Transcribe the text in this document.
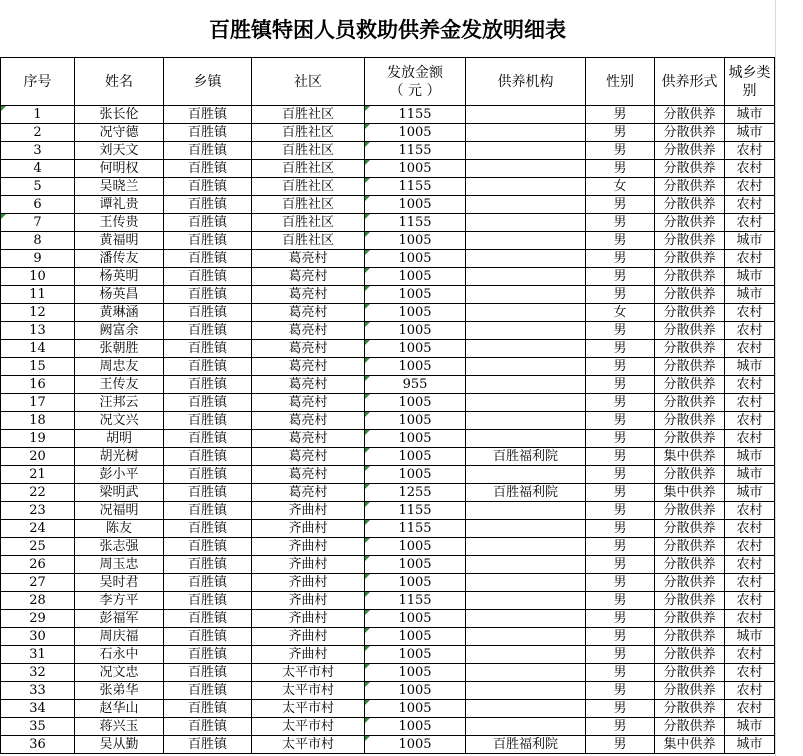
百胜镇特困人员救助供养金发放明细表
序号	姓名	乡镇	社区	发放金额
（ 元 ）	供养机构	性别	供养形式	城乡类别
1	张长伦	百胜镇	百胜社区	1155		男	分散供养	城市
2	况守德	百胜镇	百胜社区	1005		男	分散供养	城市
3	刘天文	百胜镇	百胜社区	1155		男	分散供养	农村
4	何明权	百胜镇	百胜社区	1005		男	分散供养	农村
5	吴晓兰	百胜镇	百胜社区	1155		女	分散供养	农村
6	谭礼贵	百胜镇	百胜社区	1005		男	分散供养	农村
7	王传贵	百胜镇	百胜社区	1155		男	分散供养	农村
8	黄福明	百胜镇	百胜社区	1005		男	分散供养	城市
9	潘传友	百胜镇	葛亮村	1005		男	分散供养	农村
10	杨英明	百胜镇	葛亮村	1005		男	分散供养	城市
11	杨英昌	百胜镇	葛亮村	1005		男	分散供养	城市
12	黄琳涵	百胜镇	葛亮村	1005		女	分散供养	农村
13	阙富余	百胜镇	葛亮村	1005		男	分散供养	农村
14	张朝胜	百胜镇	葛亮村	1005		男	分散供养	农村
15	周忠友	百胜镇	葛亮村	1005		男	分散供养	城市
16	王传友	百胜镇	葛亮村	955		男	分散供养	农村
17	汪邦云	百胜镇	葛亮村	1005		男	分散供养	农村
18	况文兴	百胜镇	葛亮村	1005		男	分散供养	农村
19	胡明	百胜镇	葛亮村	1005		男	分散供养	农村
20	胡光树	百胜镇	葛亮村	1005	百胜福利院	男	集中供养	城市
21	彭小平	百胜镇	葛亮村	1005		男	分散供养	城市
22	梁明武	百胜镇	葛亮村	1255	百胜福利院	男	集中供养	城市
23	况福明	百胜镇	齐曲村	1155		男	分散供养	农村
24	陈友	百胜镇	齐曲村	1155		男	分散供养	农村
25	张志强	百胜镇	齐曲村	1005		男	分散供养	农村
26	周玉忠	百胜镇	齐曲村	1005		男	分散供养	农村
27	吴时君	百胜镇	齐曲村	1005		男	分散供养	农村
28	李方平	百胜镇	齐曲村	1155		男	分散供养	农村
29	彭福军	百胜镇	齐曲村	1005		男	分散供养	农村
30	周庆福	百胜镇	齐曲村	1005		男	分散供养	城市
31	石永中	百胜镇	齐曲村	1005		男	分散供养	农村
32	况文忠	百胜镇	太平市村	1005		男	分散供养	农村
33	张弟华	百胜镇	太平市村	1005		男	分散供养	农村
34	赵华山	百胜镇	太平市村	1005		男	分散供养	农村
35	蒋兴玉	百胜镇	太平市村	1005		男	分散供养	城市
36	吴从勤	百胜镇	太平市村	1005	百胜福利院	男	集中供养	城市
